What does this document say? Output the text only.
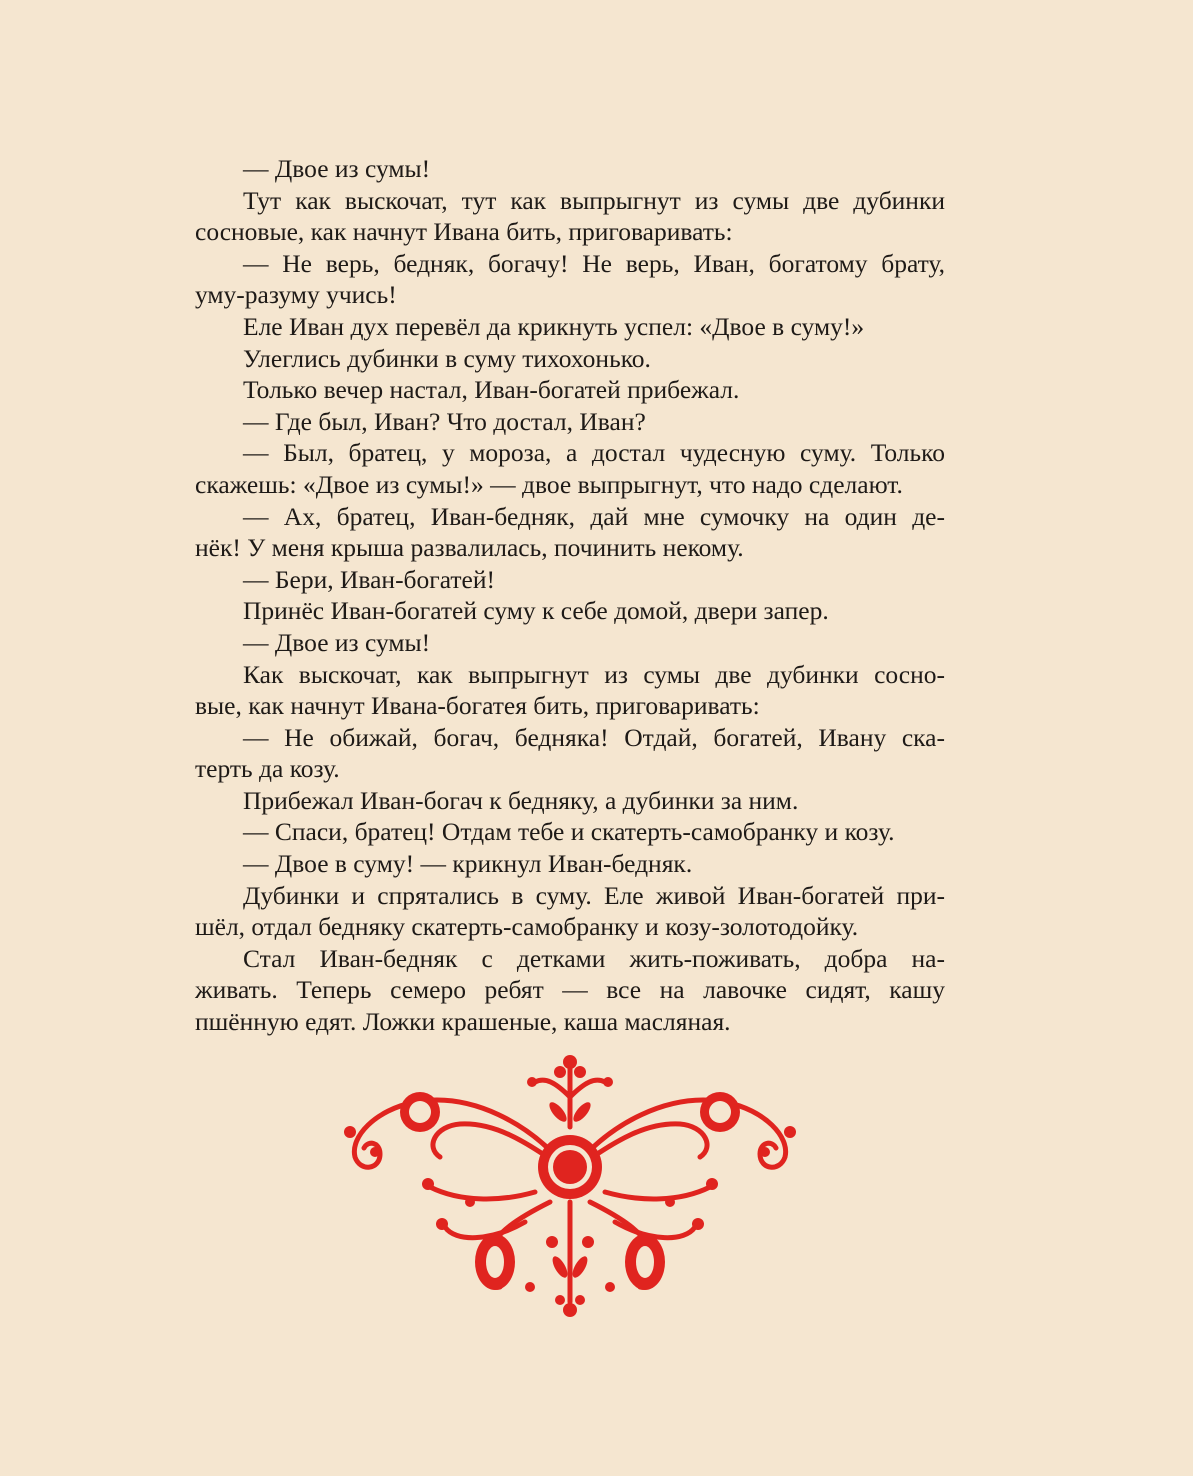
— Двое из сумы!
Тут как выскочат, тут как выпрыгнут из сумы две дубинки
сосновые, как начнут Ивана бить, приговаривать:
— Не верь, бедняк, богачу! Не верь, Иван, богатому брату,
уму-разуму учись!
Еле Иван дух перевёл да крикнуть успел: «Двое в суму!»
Улеглись дубинки в суму тихохонько.
Только вечер настал, Иван-богатей прибежал.
— Где был, Иван? Что достал, Иван?
— Был, братец, у мороза, а достал чудесную суму. Только
скажешь: «Двое из сумы!» — двое выпрыгнут, что надо сделают.
— Ах, братец, Иван-бедняк, дай мне сумочку на один де-
нёк! У меня крыша развалилась, починить некому.
— Бери, Иван-богатей!
Принёс Иван-богатей суму к себе домой, двери запер.
— Двое из сумы!
Как выскочат, как выпрыгнут из сумы две дубинки сосно-
вые, как начнут Ивана-богатея бить, приговаривать:
— Не обижай, богач, бедняка! Отдай, богатей, Ивану ска-
терть да козу.
Прибежал Иван-богач к бедняку, а дубинки за ним.
— Спаси, братец! Отдам тебе и скатерть-самобранку и козу.
— Двое в суму! — крикнул Иван-бедняк.
Дубинки и спрятались в суму. Еле живой Иван-богатей при-
шёл, отдал бедняку скатерть-самобранку и козу-золотодойку.
Стал Иван-бедняк с детками жить-поживать, добра на-
живать. Теперь семеро ребят — все на лавочке сидят, кашу
пшённую едят. Ложки крашеные, каша масляная.
